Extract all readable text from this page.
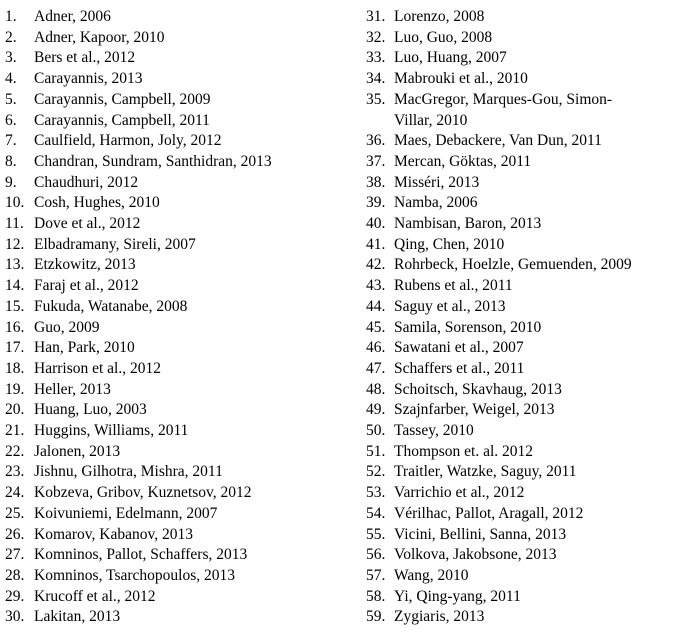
1.	Adner, 2006
2.	Adner, Kapoor, 2010
3.	Bers et al., 2012
4.	Carayannis, 2013
5.	Carayannis, Campbell, 2009
6.	Carayannis, Campbell, 2011
7.	Caulfield, Harmon, Joly, 2012
8.	Chandran, Sundram, Santhidran, 2013
9.	Chaudhuri, 2012
10. Cosh, Hughes, 2010
11. Dove et al., 2012
12. Elbadramany, Sireli, 2007
13. Etzkowitz, 2013
14. Faraj et al., 2012
15. Fukuda, Watanabe, 2008
16. Guo, 2009
17. Han, Park, 2010
18. Harrison et al., 2012
19. Heller, 2013
20. Huang, Luo, 2003
21. Huggins, Williams, 2011
22. Jalonen, 2013
23. Jishnu, Gilhotra, Mishra, 2011
24. Kobzeva, Gribov, Kuznetsov, 2012
25. Koivuniemi, Edelmann, 2007
26. Komarov, Kabanov, 2013
27. Komninos, Pallot, Schaffers, 2013
28. Komninos, Tsarchopoulos, 2013
29. Krucoff et al., 2012
30. Lakitan, 2013
31. Lorenzo, 2008
32. Luo, Guo, 2008
33. Luo, Huang, 2007
34. Mabrouki et al., 2010
35. MacGregor, Marques-Gou, Simon-
Villar, 2010
36. Maes, Debackere, Van Dun, 2011
37. Mercan, Göktas, 2011
38. Misséri, 2013
39. Namba, 2006
40. Nambisan, Baron, 2013
41. Qing, Chen, 2010
42. Rohrbeck, Hoelzle, Gemuenden, 2009
43. Rubens et al., 2011
44. Saguy et al., 2013
45. Samila, Sorenson, 2010
46. Sawatani et al., 2007
47. Schaffers et al., 2011
48. Schoitsch, Skavhaug, 2013
49. Szajnfarber, Weigel, 2013
50. Tassey, 2010
51. Thompson et. al. 2012
52. Traitler, Watzke, Saguy, 2011
53. Varrichio et al., 2012
54. Vérilhac, Pallot, Aragall, 2012
55. Vicini, Bellini, Sanna, 2013
56. Volkova, Jakobsone, 2013
57. Wang, 2010
58. Yi, Qing-yang, 2011
59. Zygiaris, 2013
